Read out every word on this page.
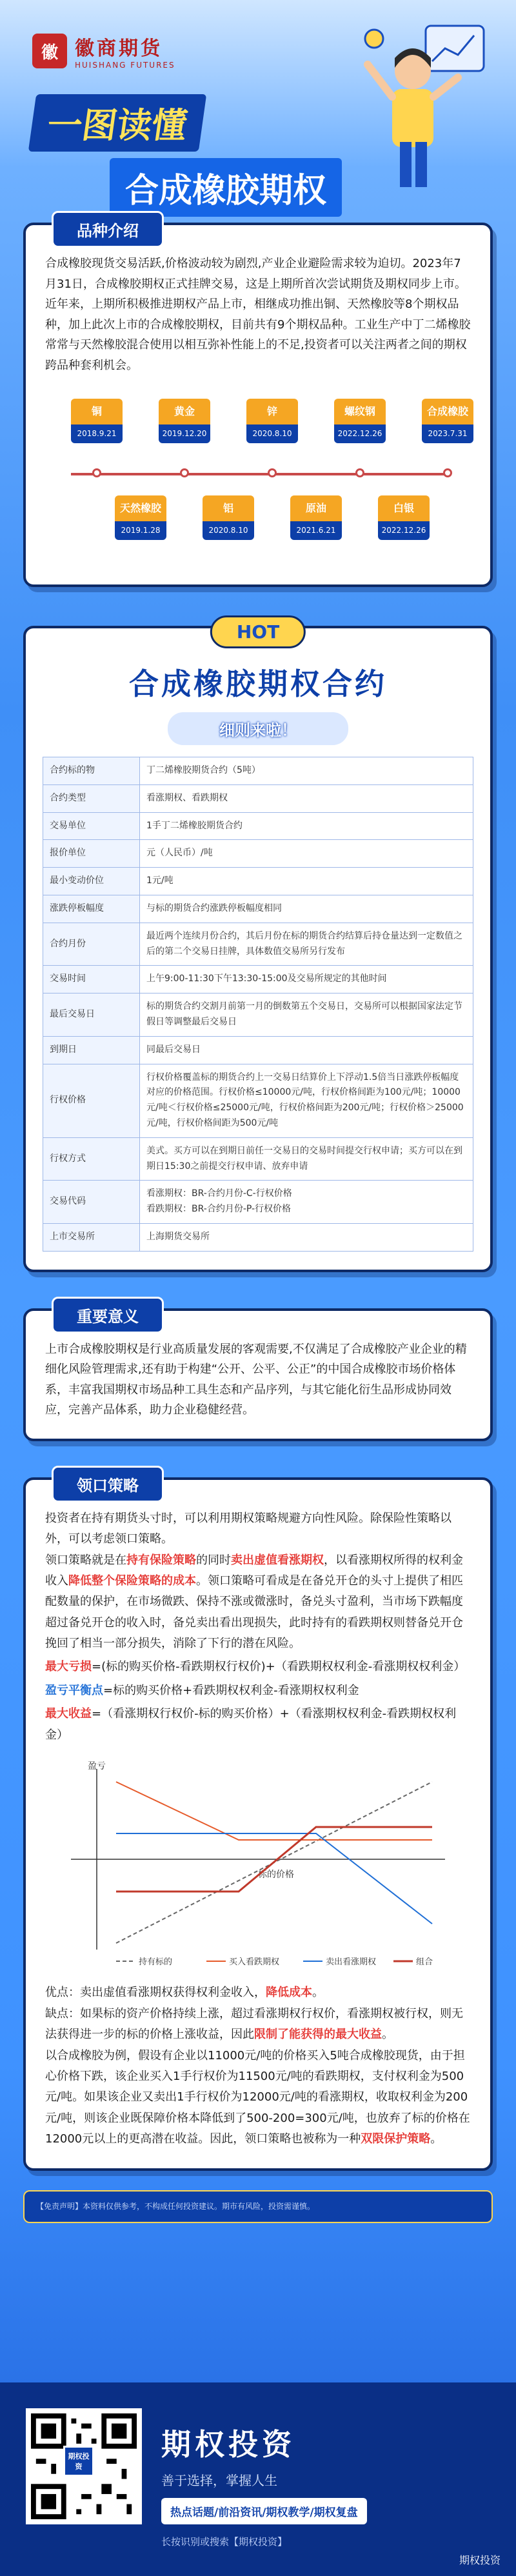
徽 徽商期货
HUISHANG FUTURES
一图读懂
合成橡胶期权
品种介绍

合成橡胶现货交易活跃,价格波动较为剧烈,产业企业避险需求较为迫切。2023年7月31日，合成橡胶期权正式挂牌交易，这是上期所首次尝试期货及期权同步上市。近年来，上期所积极推进期权产品上市，相继成功推出铜、天然橡胶等8个期权品种，加上此次上市的合成橡胶期权，目前共有9个期权品种。工业生产中丁二烯橡胶常常与天然橡胶混合使用以相互弥补性能上的不足,投资者可以关注两者之间的期权跨品种套利机会。

铜
2018.9.21
黄金
2019.12.20
锌
2020.8.10
螺纹钢
2022.12.26
合成橡胶
2023.7.31
天然橡胶
2019.1.28
铝
2020.8.10
原油
2021.6.21
白银
2022.12.26
HOT
合成橡胶期权合约
细则来啦！
合约标的物	丁二烯橡胶期货合约（5吨）
合约类型	看涨期权、看跌期权
交易单位	1手丁二烯橡胶期货合约
报价单位	元（人民币）/吨
最小变动价位	1元/吨
涨跌停板幅度	与标的期货合约涨跌停板幅度相同
合约月份	最近两个连续月份合约，其后月份在标的期货合约结算后持仓量达到一定数值之后的第二个交易日挂牌，具体数值交易所另行发布
交易时间	上午9:00-11:30下午13:30-15:00及交易所规定的其他时间
最后交易日	标的期货合约交割月前第一月的倒数第五个交易日，交易所可以根据国家法定节假日等调整最后交易日
到期日	同最后交易日
行权价格	行权价格覆盖标的期货合约上一交易日结算价上下浮动1.5倍当日涨跌停板幅度对应的价格范围。行权价格≤10000元/吨，行权价格间距为100元/吨；10000元/吨＜行权价格≤25000元/吨，行权价格间距为200元/吨；行权价格＞25000元/吨，行权价格间距为500元/吨
行权方式	美式。买方可以在到期日前任一交易日的交易时间提交行权申请；买方可以在到期日15:30之前提交行权申请、放弃申请
交易代码	看涨期权：BR-合约月份-C-行权价格
看跌期权：BR-合约月份-P-行权价格
上市交易所	上海期货交易所
重要意义

上市合成橡胶期权是行业高质量发展的客观需要,不仅满足了合成橡胶产业企业的精细化风险管理需求,还有助于构建“公开、公平、公正”的中国合成橡胶市场价格体系，丰富我国期权市场品种工具生态和产品序列，与其它能化衍生品形成协同效应，完善产品体系，助力企业稳健经营。

领口策略

投资者在持有期货头寸时，可以利用期权策略规避方向性风险。除保险性策略以外，可以考虑领口策略。

领口策略就是在持有保险策略的同时卖出虚值看涨期权，以看涨期权所得的权利金收入降低整个保险策略的成本。领口策略可看成是在备兑开仓的头寸上提供了相匹配数量的保护，在市场微跌、保持不涨或微涨时，备兑头寸盈利，当市场下跌幅度超过备兑开仓的收入时，备兑卖出看出现损失，此时持有的看跌期权则替备兑开仓挽回了相当一部分损失，消除了下行的潜在风险。

最大亏损=(标的购买价格-看跌期权行权价)+（看跌期权权利金-看涨期权权利金）

盈亏平衡点=标的购买价格+看跌期权权利金-看涨期权权利金

最大收益=（看涨期权行权价-标的购买价格）+（看涨期权权利金-看跌期权权利金）

盈亏
标的价格
持有标的	买入看跌期权	卖出看涨期权	组合

优点：卖出虚值看涨期权获得权利金收入，降低成本。

缺点：如果标的资产价格持续上涨，超过看涨期权行权价，看涨期权被行权，则无法获得进一步的标的价格上涨收益，因此限制了能获得的最大收益。

以合成橡胶为例，假设有企业以11000元/吨的价格买入5吨合成橡胶现货，由于担心价格下跌，该企业买入1手行权价为11500元/吨的看跌期权，支付权利金为500元/吨。如果该企业又卖出1手行权价为12000元/吨的看涨期权，收取权利金为200元/吨，则该企业既保障价格本降低到了500-200=300元/吨，也放弃了标的价格在12000元以上的更高潜在收益。因此，领口策略也被称为一种双限保护策略。

【免责声明】本资料仅供参考，不构成任何投资建议。期市有风险，投资需谨慎。
期权投资
期权投资
善于选择，掌握人生
热点话题/前沿资讯/期权教学/期权复盘
长按识别或搜索【期权投资】
期权投资
